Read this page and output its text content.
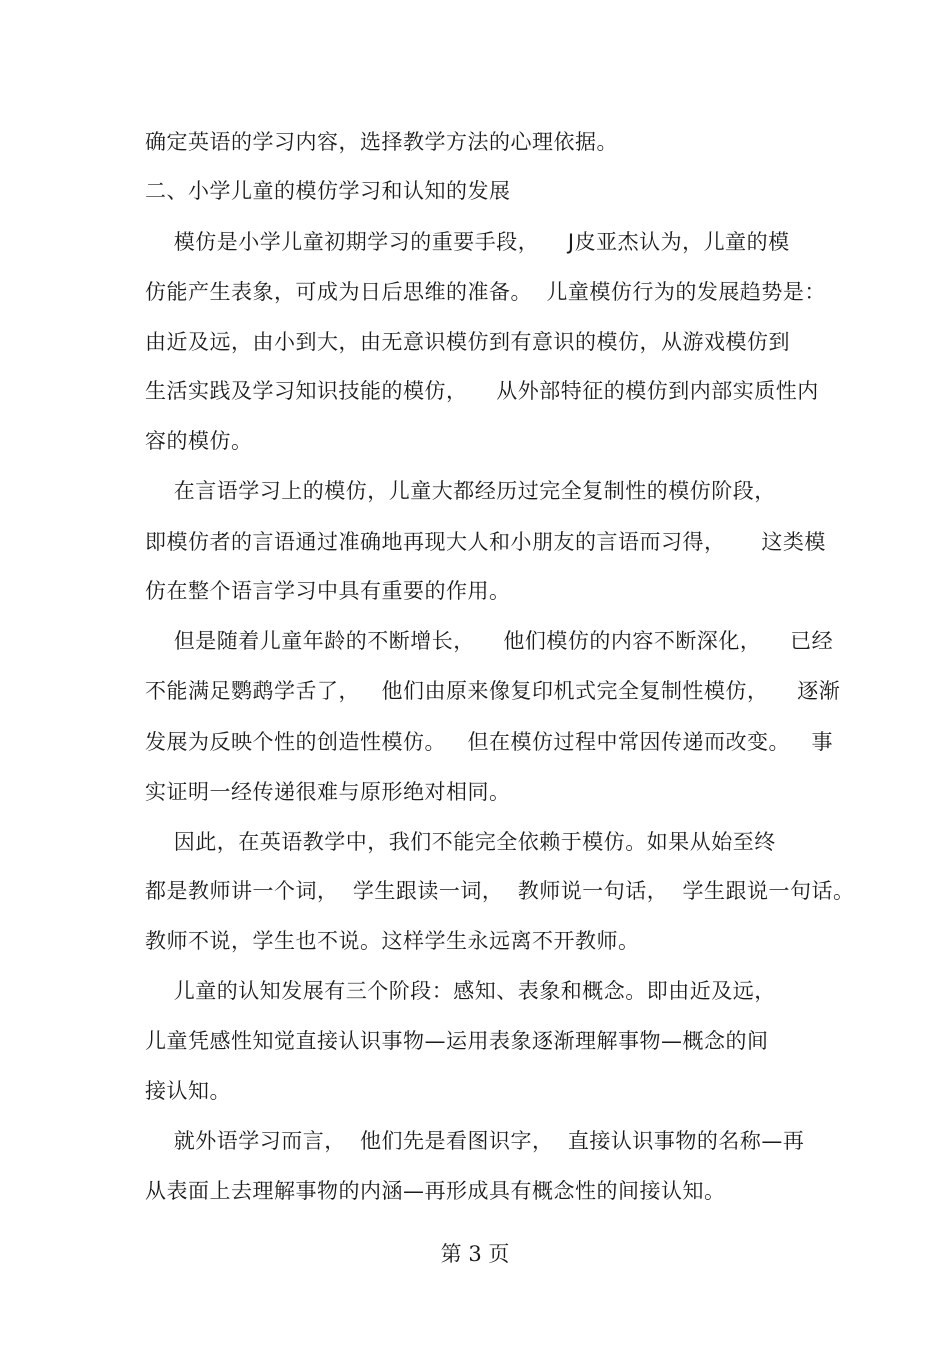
确定英语的学习内容，选择教学方法的心理依据。
二、小学儿童的模仿学习和认知的发展
模仿是小学儿童初期学习的重要手段，    J皮亚杰认为，儿童的模
仿能产生表象，可成为日后思维的准备。  儿童模仿行为的发展趋势是：
由近及远，由小到大，由无意识模仿到有意识的模仿，从游戏模仿到
生活实践及学习知识技能的模仿，    从外部特征的模仿到内部实质性内
容的模仿。
在言语学习上的模仿，儿童大都经历过完全复制性的模仿阶段，
即模仿者的言语通过准确地再现大人和小朋友的言语而习得，     这类模
仿在整个语言学习中具有重要的作用。
但是随着儿童年龄的不断增长，    他们模仿的内容不断深化，    已经
不能满足鹦鹉学舌了，   他们由原来像复印机式完全复制性模仿，    逐渐
发展为反映个性的创造性模仿。   但在模仿过程中常因传递而改变。   事
实证明一经传递很难与原形绝对相同。
因此，在英语教学中，我们不能完全依赖于模仿。如果从始至终
都是教师讲一个词，  学生跟读一词，  教师说一句话，  学生跟说一句话。
教师不说，学生也不说。这样学生永远离不开教师。
儿童的认知发展有三个阶段：感知、表象和概念。即由近及远，
儿童凭感性知觉直接认识事物—运用表象逐渐理解事物—概念的间
接认知。
就外语学习而言，  他们先是看图识字，  直接认识事物的名称—再
从表面上去理解事物的内涵—再形成具有概念性的间接认知。
第 3 页
